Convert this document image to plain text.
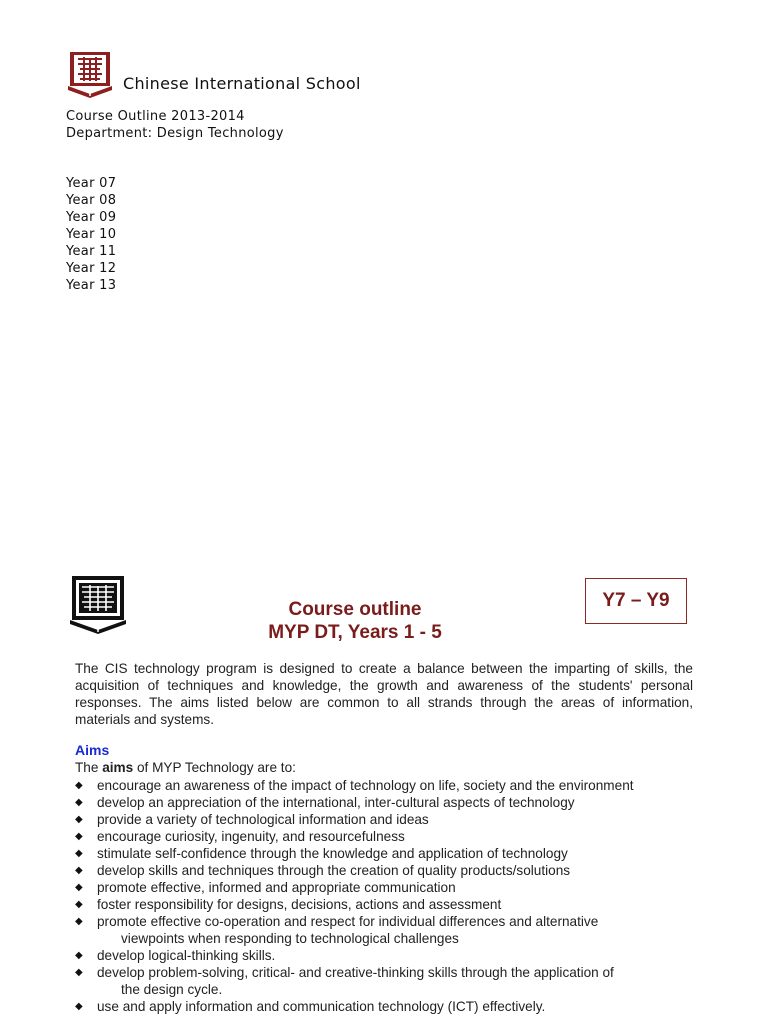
Chinese International School
Course Outline 2013-2014
Department: Design Technology
Year 07
Year 08
Year 09
Year 10
Year 11
Year 12
Year 13
Course outline
MYP DT, Years 1 - 5
Y7 – Y9

The CIS technology program is designed to create a balance between the imparting of skills, the acquisition of techniques and knowledge, the growth and awareness of the students' personal responses. The aims listed below are common to all strands through the areas of information, materials and systems.

Aims
The aims of MYP Technology are to:
◆ encourage an awareness of the impact of technology on life, society and the environment
◆ develop an appreciation of the international, inter-cultural aspects of technology
◆ provide a variety of technological information and ideas
◆ encourage curiosity, ingenuity, and resourcefulness
◆ stimulate self-confidence through the knowledge and application of technology
◆ develop skills and techniques through the creation of quality products/solutions
◆ promote effective, informed and appropriate communication
◆ foster responsibility for designs, decisions, actions and assessment
◆ promote effective co-operation and respect for individual differences and alternative
viewpoints when responding to technological challenges
◆ develop logical-thinking skills.
◆ develop problem-solving, critical- and creative-thinking skills through the application of
the design cycle.
◆ use and apply information and communication technology (ICT) effectively.
